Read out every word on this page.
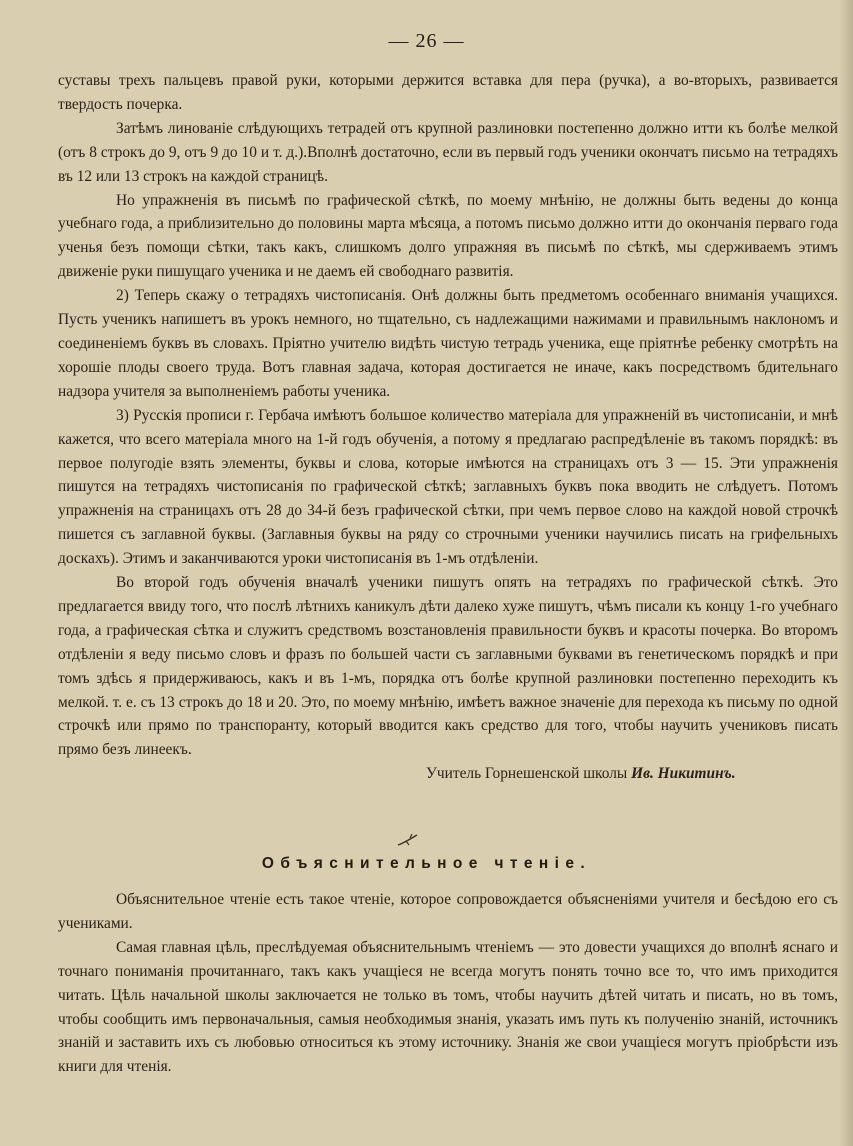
— 26 —

суставы трехъ пальцевъ правой руки, которыми держится вставка для пера (ручка), а во-вторыхъ, развивается твердость почерка.

Затѣмъ линованіе слѣдующихъ тетрадей отъ крупной разлиновки постепенно должно итти къ болѣе мелкой (отъ 8 строкъ до 9, отъ 9 до 10 и т. д.).Вполнѣ достаточно, если въ первый годъ ученики окончатъ письмо на тетрадяхъ въ 12 или 13 строкъ на каждой страницѣ.

Но упражненія въ письмѣ по графической сѣткѣ, по моему мнѣнію, не должны быть ведены до конца учебнаго года, а приблизительно до половины марта мѣсяца, а потомъ письмо должно итти до окончанія перваго года ученья безъ помощи сѣтки, такъ какъ, слишкомъ долго упражняя въ письмѣ по сѣткѣ, мы сдерживаемъ этимъ движеніе руки пишущаго ученика и не даемъ ей свободнаго развитія.

2) Теперь скажу о тетрадяхъ чистописанія. Онѣ должны быть предметомъ особеннаго вниманія учащихся. Пусть ученикъ напишетъ въ урокъ немного, но тщательно, съ надлежащими нажимами и правильнымъ наклономъ и соединеніемъ буквъ въ словахъ. Пріятно учителю видѣть чистую тетрадь ученика, еще пріятнѣе ребенку смотрѣть на хорошіе плоды своего труда. Вотъ главная задача, которая достигается не иначе, какъ посредствомъ бдительнаго надзора учителя за выполненіемъ работы ученика.

3) Русскія прописи г. Гербача имѣютъ большое количество матеріала для упражненій въ чистописаніи, и мнѣ кажется, что всего матеріала много на 1-й годъ обученія, а потому я предлагаю распредѣленіе въ такомъ порядкѣ: въ первое полугодіе взять элементы, буквы и слова, которые имѣются на страницахъ отъ 3 — 15. Эти упражненія пишутся на тетрадяхъ чистописанія по графической сѣткѣ; заглавныхъ буквъ пока вводить не слѣдуетъ. Потомъ упражненія на страницахъ отъ 28 до 34-й безъ графической сѣтки, при чемъ первое слово на каждой новой строчкѣ пишется съ заглавной буквы. (Заглавныя буквы на ряду со строчными ученики научились писать на грифельныхъ доскахъ). Этимъ и заканчиваются уроки чистописанія въ 1-мъ отдѣленіи.

Во второй годъ обученія вначалѣ ученики пишутъ опять на тетрадяхъ по графической сѣткѣ. Это предлагается ввиду того, что послѣ лѣтнихъ каникулъ дѣти далеко хуже пишутъ, чѣмъ писали къ концу 1-го учебнаго года, а графическая сѣтка и служитъ средствомъ возстановленія правильности буквъ и красоты почерка. Во второмъ отдѣленіи я веду письмо словъ и фразъ по большей части съ заглавными буквами въ генетическомъ порядкѣ и при томъ здѣсь я придерживаюсь, какъ и въ 1-мъ, порядка отъ болѣе крупной разлиновки постепенно переходить къ мелкой. т. е. съ 13 строкъ до 18 и 20. Это, по моему мнѣнію, имѣетъ важное значеніе для перехода къ письму по одной строчкѣ или прямо по транспоранту, который вводится какъ средство для того, чтобы научить учениковъ писать прямо безъ линеекъ.

Учитель Горнешенской школы Ив. Никитинъ.

Объяснительное чтеніе.

Объяснительное чтеніе есть такое чтеніе, которое сопровождается объясненіями учителя и бесѣдою его съ учениками.

Самая главная цѣль, преслѣдуемая объяснительнымъ чтеніемъ — это довести учащихся до вполнѣ яснаго и точнаго пониманія прочитаннаго, такъ какъ учащіеся не всегда могутъ понять точно все то, что имъ приходится читать. Цѣль начальной школы заключается не только въ томъ, чтобы научить дѣтей читать и писать, но въ томъ, чтобы сообщить имъ первоначальныя, самыя необходимыя знанія, указать имъ путь къ полученію знаній, источникъ знаній и заставить ихъ съ любовью относиться къ этому источнику. Знанія же свои учащіеся могутъ пріобрѣсти изъ книги для чтенія.
